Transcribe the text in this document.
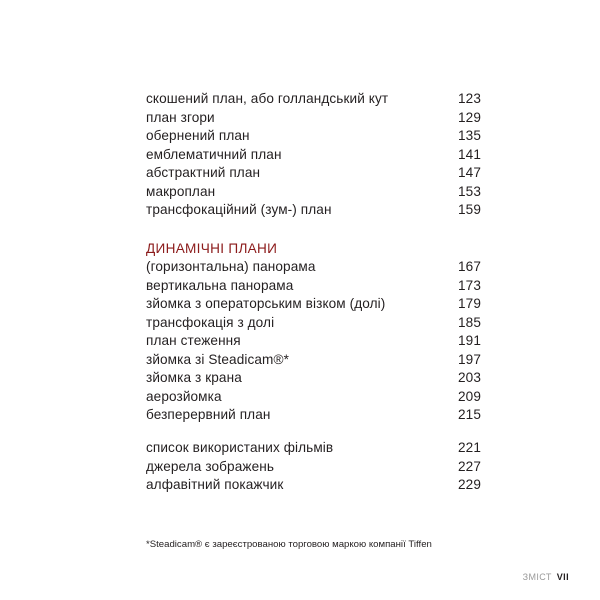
скошений план, або голландський кут	123
план згори	129
обернений план	135
емблематичний план	141
абстрактний план	147
макроплан	153
трансфокаційний (зум-) план	159
ДИНАМІЧНІ ПЛАНИ
(горизонтальна) панорама	167
вертикальна панорама	173
зйомка з операторським візком (долі)	179
трансфокація з долі	185
план стеження	191
зйомка зі Steadicam®*	197
зйомка з крана	203
аерозйомка	209
безперервний план	215
список використаних фільмів	221
джерела зображень	227
алфавітний покажчик	229
*Steadicam® є зареєстрованою торговою маркою компанії Tiffen
ЗМІСТ VII
